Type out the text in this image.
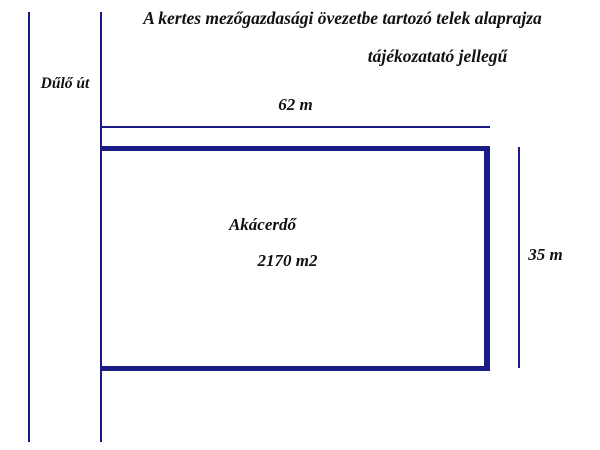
A kertes mezőgazdasági övezetbe tartozó telek alaprajza
tájékozatató jellegű
Dűlő út
62 m
Akácerdő
2170 m2	35 m
